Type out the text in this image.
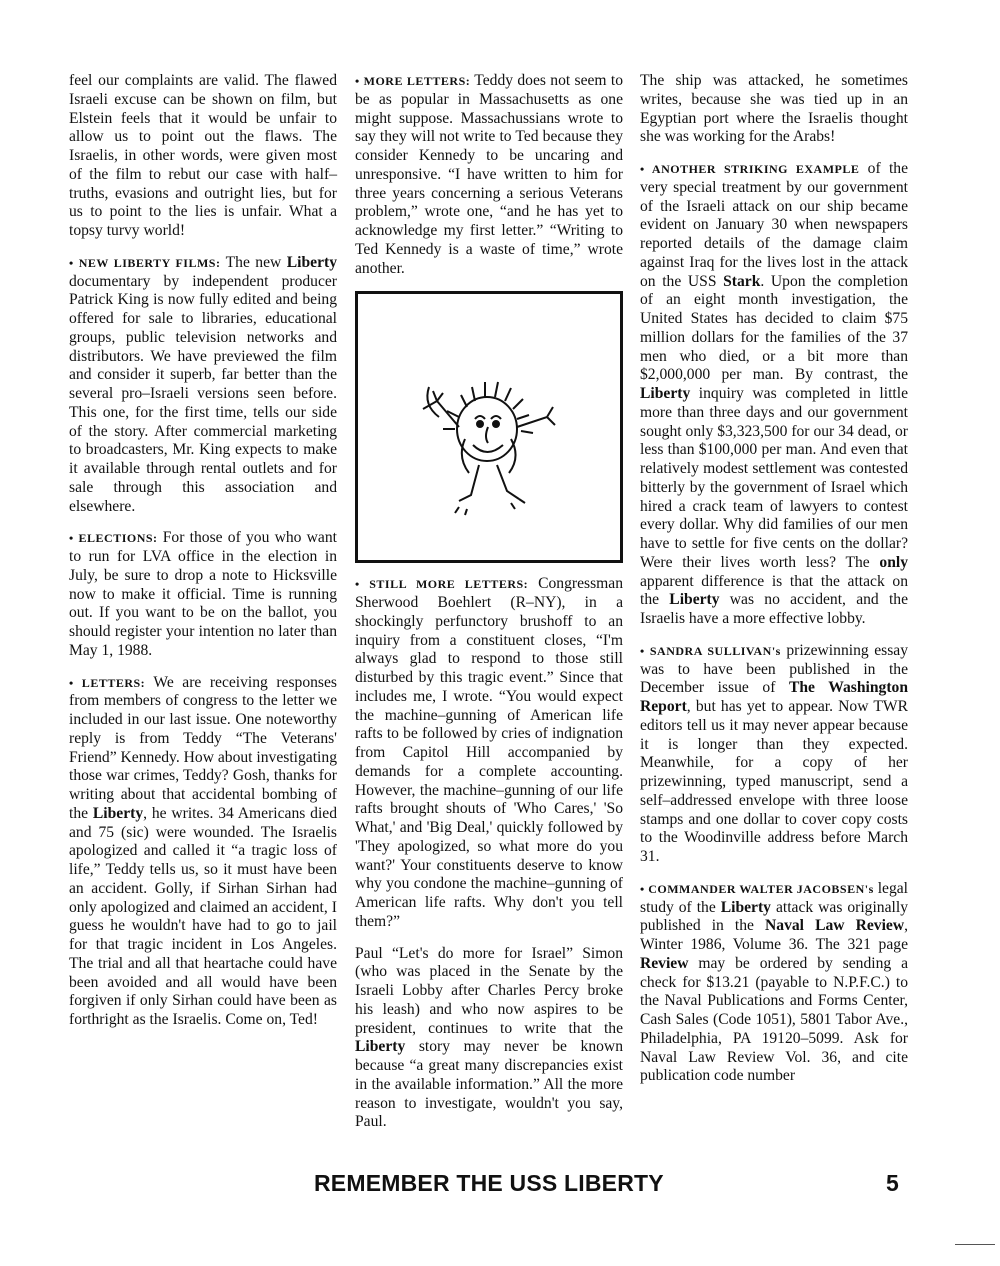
feel our complaints are valid. The flawed Israeli excuse can be shown on film, but Elstein feels that it would be unfair to allow us to point out the flaws. The Israelis, in other words, were given most of the film to rebut our case with half–truths, evasions and outright lies, but for us to point to the lies is unfair. What a topsy turvy world!

• NEW LIBERTY FILMS: The new Liberty documentary by independent producer Patrick King is now fully edited and being offered for sale to libraries, educational groups, public television networks and distributors. We have previewed the film and consider it superb, far better than the several pro–Israeli versions seen before. This one, for the first time, tells our side of the story. After commercial marketing to broadcasters, Mr. King expects to make it available through rental outlets and for sale through this association and elsewhere.

• ELECTIONS: For those of you who want to run for LVA office in the election in July, be sure to drop a note to Hicksville now to make it official. Time is running out. If you want to be on the ballot, you should register your intention no later than May 1, 1988.

• LETTERS: We are receiving responses from members of congress to the letter we included in our last issue. One noteworthy reply is from Teddy “The Veterans' Friend” Kennedy. How about investigating those war crimes, Teddy? Gosh, thanks for writing about that accidental bombing of the Liberty, he writes. 34 Americans died and 75 (sic) were wounded. The Israelis apologized and called it “a tragic loss of life,” Teddy tells us, so it must have been an accident. Golly, if Sirhan Sirhan had only apologized and claimed an accident, I guess he wouldn't have had to go to jail for that tragic incident in Los Angeles. The trial and all that heartache could have been avoided and all would have been forgiven if only Sirhan could have been as forthright as the Israelis. Come on, Ted!

• MORE LETTERS: Teddy does not seem to be as popular in Massachusetts as one might suppose. Massachussians wrote to say they will not write to Ted because they consider Kennedy to be uncaring and unresponsive. “I have written to him for three years concerning a serious Veterans problem,” wrote one, “and he has yet to acknowledge my first letter.” “Writing to Ted Kennedy is a waste of time,” wrote another.

• STILL MORE LETTERS: Congressman Sherwood Boehlert (R–NY), in a shockingly perfunctory brushoff to an inquiry from a constituent closes, “I'm always glad to respond to those still disturbed by this tragic event.” Since that includes me, I wrote. “You would expect the machine–gunning of American life rafts to be followed by cries of indignation from Capitol Hill accompanied by demands for a complete accounting. However, the machine–gunning of our life rafts brought shouts of 'Who Cares,' 'So What,' and 'Big Deal,' quickly followed by 'They apologized, so what more do you want?' Your constituents deserve to know why you condone the machine–gunning of American life rafts. Why don't you tell them?”

Paul “Let's do more for Israel” Simon (who was placed in the Senate by the Israeli Lobby after Charles Percy broke his leash) and who now aspires to be president, continues to write that the Liberty story may never be known because “a great many discrepancies exist in the available information.” All the more reason to investigate, wouldn't you say, Paul.

The ship was attacked, he sometimes writes, because she was tied up in an Egyptian port where the Israelis thought she was working for the Arabs!

• ANOTHER STRIKING EXAMPLE of the very special treatment by our government of the Israeli attack on our ship became evident on January 30 when newspapers reported details of the damage claim against Iraq for the lives lost in the attack on the USS Stark. Upon the completion of an eight month investigation, the United States has decided to claim $75 million dollars for the families of the 37 men who died, or a bit more than $2,000,000 per man. By contrast, the Liberty inquiry was completed in little more than three days and our government sought only $3,323,500 for our 34 dead, or less than $100,000 per man. And even that relatively modest settlement was contested bitterly by the government of Israel which hired a crack team of lawyers to contest every dollar. Why did families of our men have to settle for five cents on the dollar? Were their lives worth less? The only apparent difference is that the attack on the Liberty was no accident, and the Israelis have a more effective lobby.

• SANDRA SULLIVAN's prizewinning essay was to have been published in the December issue of The Washington Report, but has yet to appear. Now TWR editors tell us it may never appear because it is longer than they expected. Meanwhile, for a copy of her prizewinning, typed manuscript, send a self–addressed envelope with three loose stamps and one dollar to cover copy costs to the Woodinville address before March 31.

• COMMANDER WALTER JACOBSEN's legal study of the Liberty attack was originally published in the Naval Law Review, Winter 1986, Volume 36. The 321 page Review may be ordered by sending a check for $13.21 (payable to N.P.F.C.) to the Naval Publications and Forms Center, Cash Sales (Code 1051), 5801 Tabor Ave., Philadelphia, PA 19120–5099. Ask for Naval Law Review Vol. 36, and cite publication code number

REMEMBER THE USS LIBERTY	5
